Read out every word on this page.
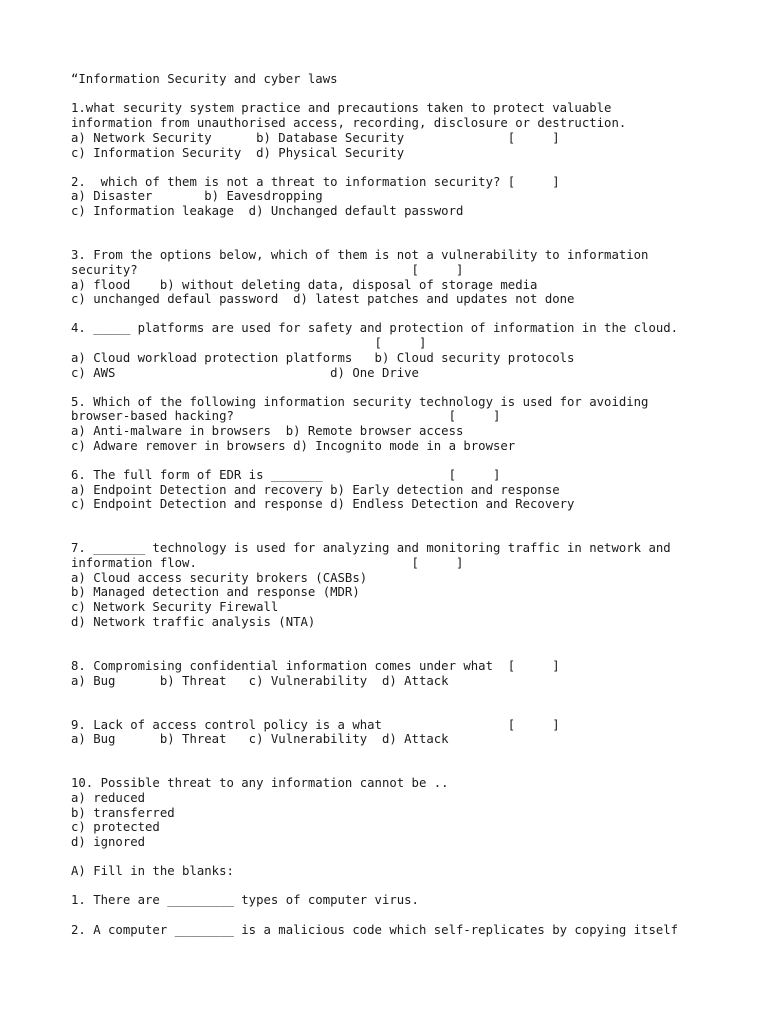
“Information Security and cyber laws

1.what security system practice and precautions taken to protect valuable

information from unauthorised access, recording, disclosure or destruction.

a) Network Security      b) Database Security              [     ]

c) Information Security  d) Physical Security

2.  which of them is not a threat to information security? [     ]

a) Disaster       b) Eavesdropping

c) Information leakage  d) Unchanged default password

3. From the options below, which of them is not a vulnerability to information

security?                                     [     ]

a) flood    b) without deleting data, disposal of storage media

c) unchanged defaul password  d) latest patches and updates not done

4. _____ platforms are used for safety and protection of information in the cloud.

[     ]

a) Cloud workload protection platforms   b) Cloud security protocols

c) AWS                             d) One Drive

5. Which of the following information security technology is used for avoiding

browser-based hacking?                             [     ]

a) Anti-malware in browsers  b) Remote browser access

c) Adware remover in browsers d) Incognito mode in a browser

6. The full form of EDR is _______                 [     ]

a) Endpoint Detection and recovery b) Early detection and response

c) Endpoint Detection and response d) Endless Detection and Recovery

7. _______ technology is used for analyzing and monitoring traffic in network and

information flow.                             [     ]

a) Cloud access security brokers (CASBs)

b) Managed detection and response (MDR)

c) Network Security Firewall

d) Network traffic analysis (NTA)

8. Compromising confidential information comes under what  [     ]

a) Bug      b) Threat   c) Vulnerability  d) Attack

9. Lack of access control policy is a what                 [     ]

a) Bug      b) Threat   c) Vulnerability  d) Attack

10. Possible threat to any information cannot be ..

a) reduced

b) transferred

c) protected

d) ignored

A) Fill in the blanks:

1. There are _________ types of computer virus.

2. A computer ________ is a malicious code which self-replicates by copying itself
